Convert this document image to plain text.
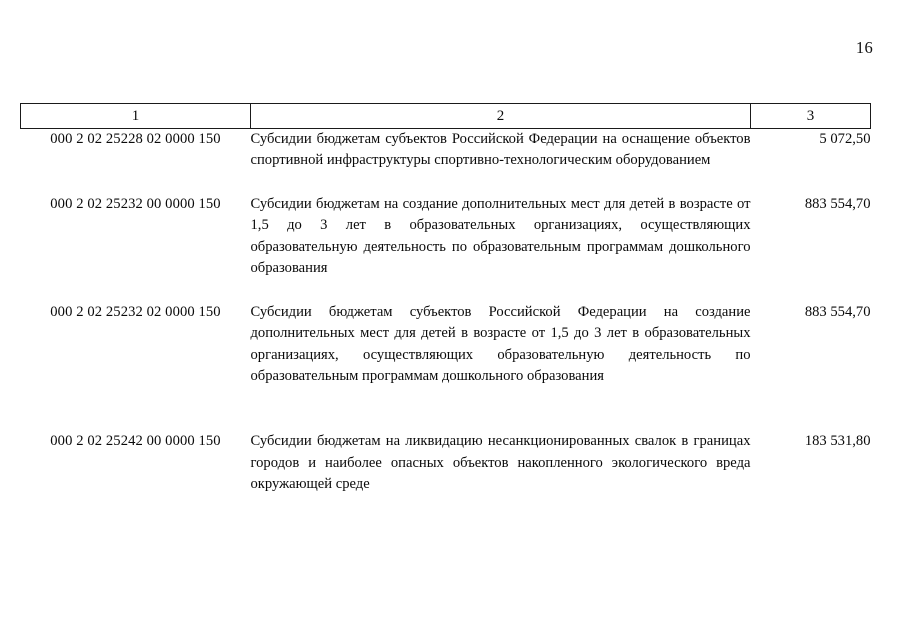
16
1	2	3
000 2 02 25228 02 0000 150	Субсидии бюджетам субъектов Российской Федерации на оснащение объектов спортивной инфраструктуры спортивно-технологическим оборудованием	5 072,50

000 2 02 25232 00 0000 150	Субсидии бюджетам на создание дополнительных мест для детей в возрасте от 1,5 до 3 лет в образовательных организациях, осуществляющих образовательную деятельность по образовательным программам дошкольного образования	883 554,70

000 2 02 25232 02 0000 150	Субсидии бюджетам субъектов Российской Федерации на создание дополнительных мест для детей в возрасте от 1,5 до 3 лет в образовательных организациях, осуществляющих образовательную деятельность по образовательным программам дошкольного образования	883 554,70

000 2 02 25242 00 0000 150	Субсидии бюджетам на ликвидацию несанкционированных свалок в границах городов и наиболее опасных объектов накопленного экологического вреда окружающей среде	183 531,80
